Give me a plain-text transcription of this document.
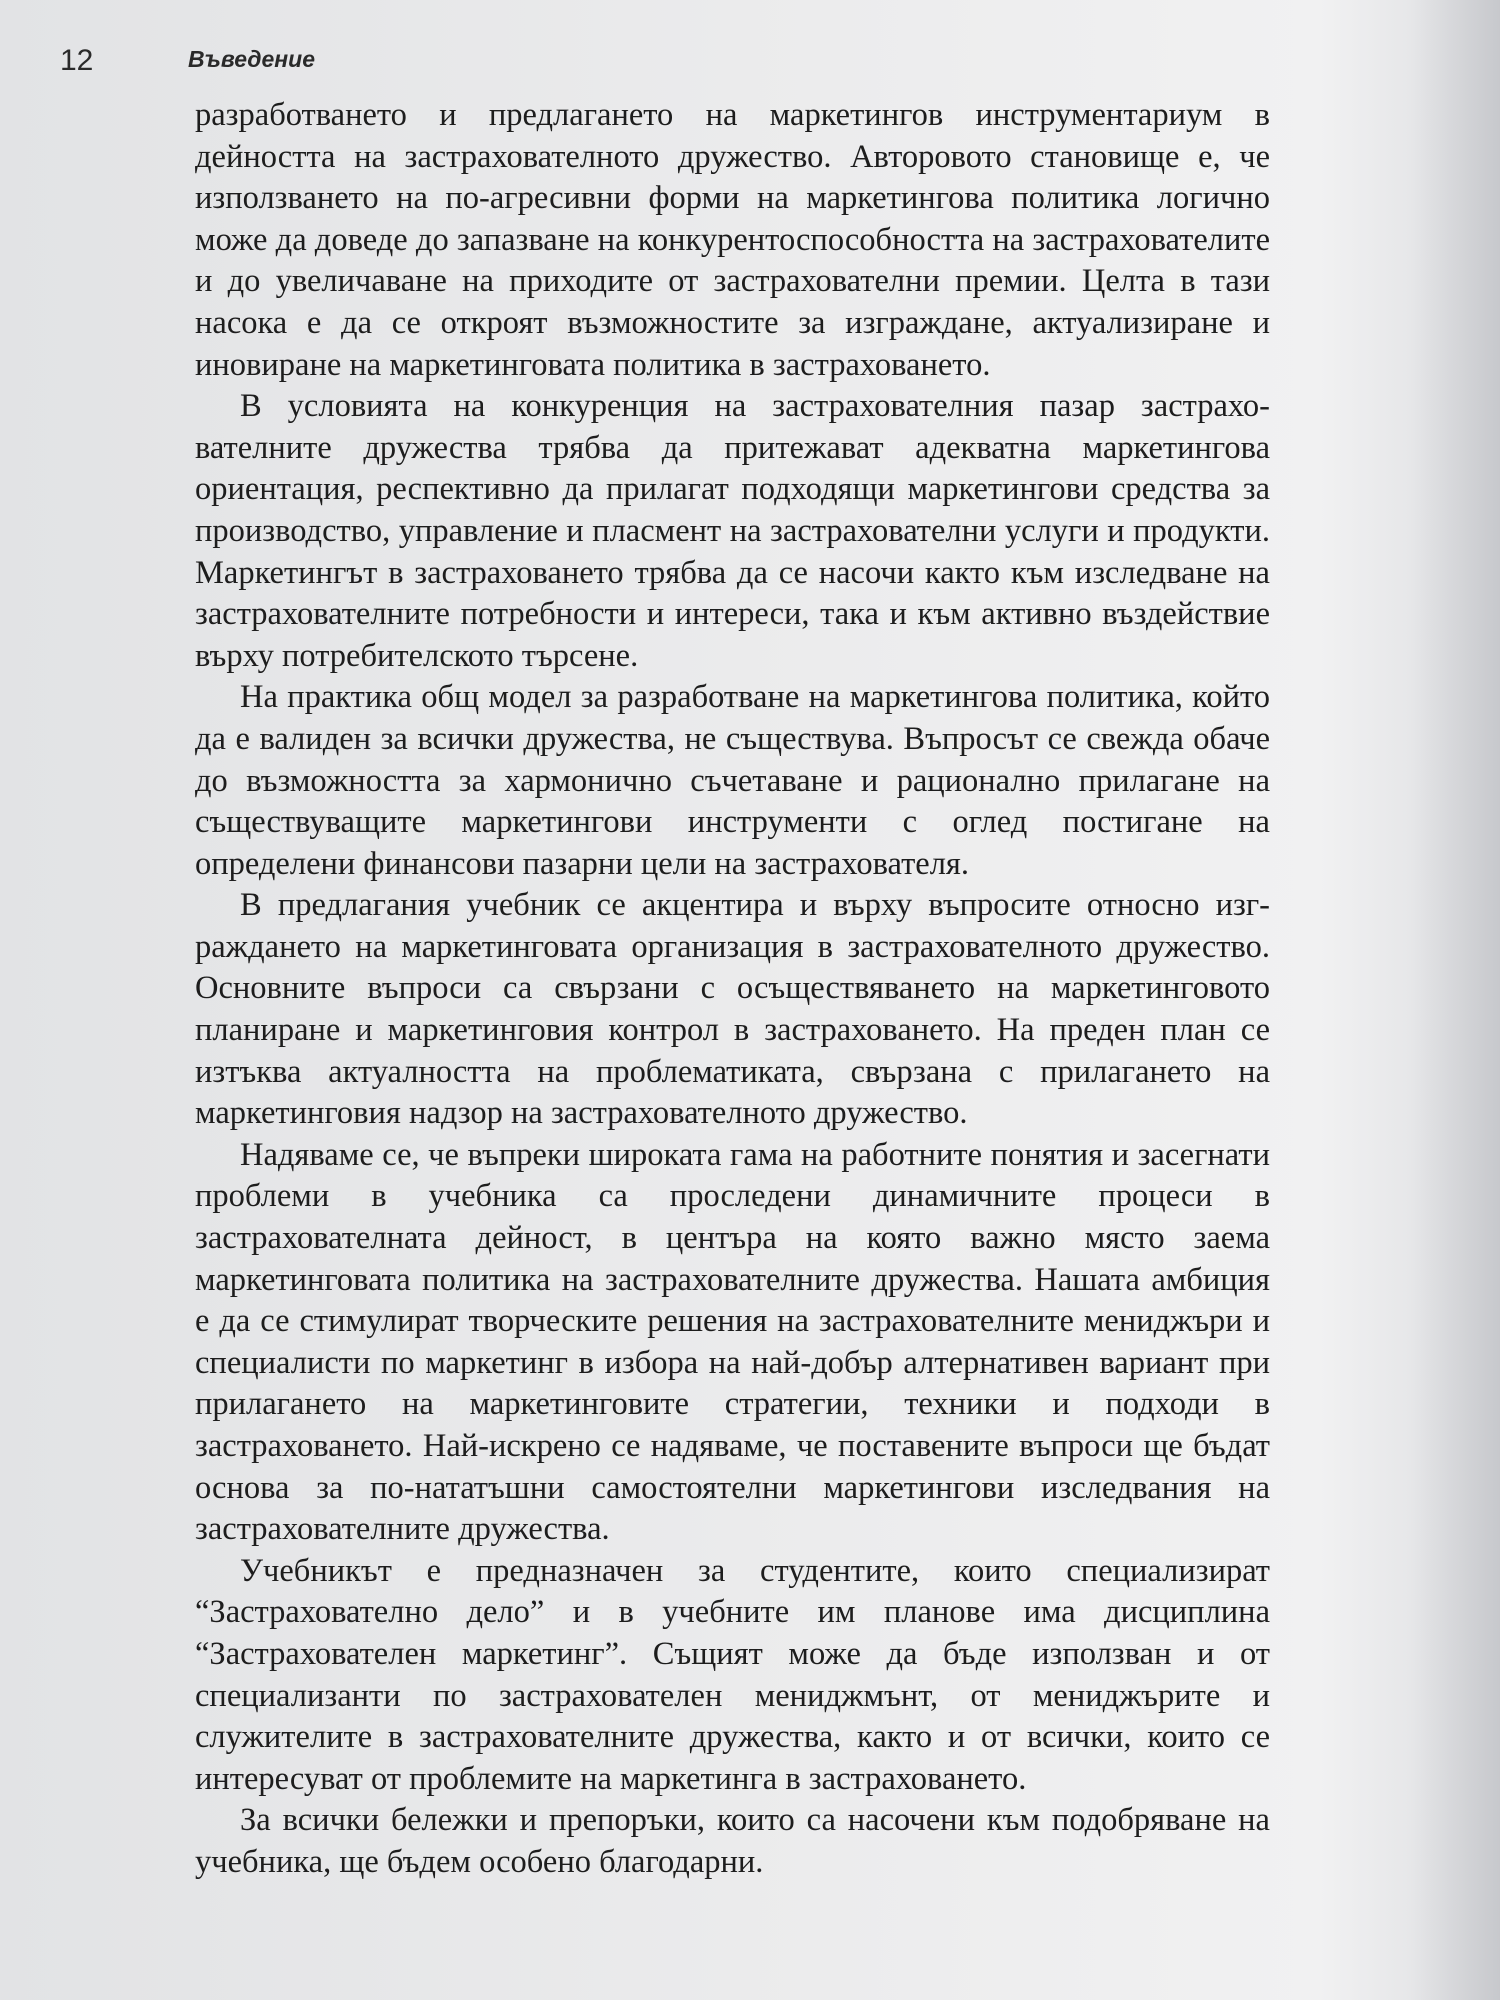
12	Въведение

разработването и предлагането на маркетингов инструментариум в дейността на застрахователното дружество. Авторовото становище е, че използването на по-агресивни форми на маркетингова политика логично може да доведе до запазване на конкурентоспособността на застрахователите и до увеличаване на приходите от застрахователни премии. Целта в тази насока е да се откроят възможностите за изграждане, актуализиране и иновиране на маркетинговата политика в застраховането.

В условията на конкуренция на застрахователния пазар застрахователните дружества трябва да притежават адекватна маркетингова ориентация, респективно да прилагат подходящи маркетингови средства за производство, управление и пласмент на застрахователни услуги и продукти. Маркетингът в застраховането трябва да се насочи както към изследване на застрахователните потребности и интереси, така и към активно въздействие върху потребителското търсене.

На практика общ модел за разработване на маркетингова политика, който да е валиден за всички дружества, не съществува. Въпросът се свежда обаче до възможността за хармонично съчетаване и рационално прилагане на съществуващите маркетингови инструменти с оглед постигане на определени финансови пазарни цели на застрахователя.

В предлагания учебник се акцентира и върху въпросите относно изграждането на маркетинговата организация в застрахователното дружество. Основните въпроси са свързани с осъществяването на маркетинговото планиране и маркетинговия контрол в застраховането. На преден план се изтъква актуалността на проблематиката, свързана с прилагането на маркетинговия надзор на застрахователното дружество.

Надяваме се, че въпреки широката гама на работните понятия и засегнати проблеми в учебника са проследени динамичните процеси в застрахователната дейност, в центъра на която важно място заема маркетинговата политика на застрахователните дружества. Нашата амбиция е да се стимулират творческите решения на застрахователните мениджъри и специалисти по маркетинг в избора на най-добър алтернативен вариант при прилагането на маркетинговите стратегии, техники и подходи в застраховането. Най-искрено се надяваме, че поставените въпроси ще бъдат основа за по-нататъшни самостоятелни маркетингови изследвания на застрахователните дружества.

Учебникът е предназначен за студентите, които специализират “Застрахователно дело” и в учебните им планове има дисциплина “Застрахователен маркетинг”. Същият може да бъде използван и от специализанти по застрахователен мениджмънт, от мениджърите и служителите в застрахователните дружества, както и от всички, които се интересуват от проблемите на маркетинга в застраховането.

За всички бележки и препоръки, които са насочени към подобряване на учебника, ще бъдем особено благодарни.
